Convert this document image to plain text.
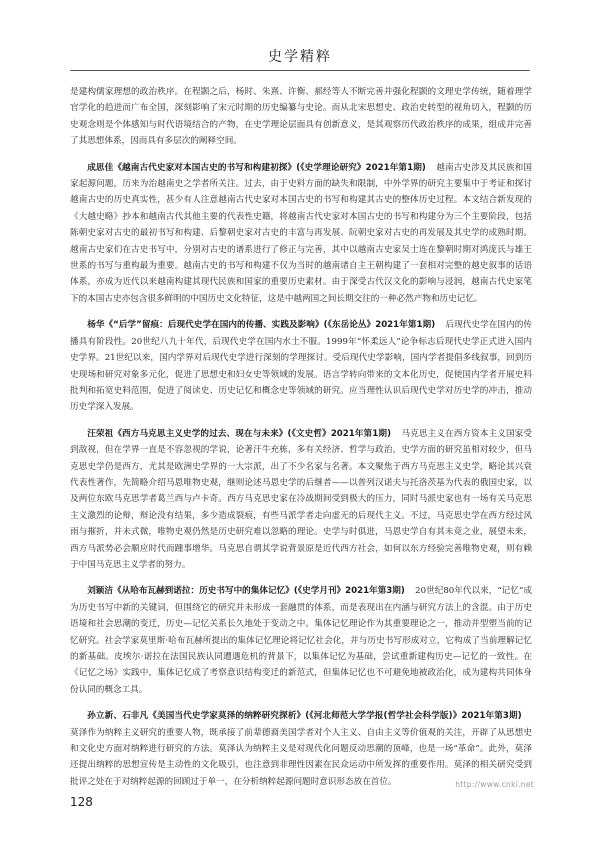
史学精粹

是建构儒家理想的政治秩序。在程颢之后，杨时、朱熹、许衡、郝经等人不断完善并强化程颢的文理史学传统，随着理学官学化的趋进而广布全国，深刻影响了宋元时期的历史编纂与史论。而从北宋思想史、政治史转型的视角切入，程颢的历史观念则是个体感知与时代语境结合的产物，在史学理论层面具有创新意义，是其观察历代政治秩序的成果，组成并完善了其思想体系，因而具有多层次的阐释空间。

成思佳《越南古代史家对本国古史的书写和构建初探》(《史学理论研究》2021年第1期) 越南古史涉及其民族和国家起源问题，历来为治越南史之学者所关注。过去，由于史料方面的缺失和限制，中外学界的研究主要集中于考证和探讨越南古史的历史真实性，甚少有人注意越南古代史家对本国古史的书写和构建其古史的整体历史过程。本文结合新发现的《大越史略》抄本和越南古代其他主要的代表性史籍，将越南古代史家对本国古史的书写和构建分为三个主要阶段，包括陈朝史家对古史的最初书写和构建、后黎朝史家对古史的丰富与再发展、阮朝史家对古史的再发展及其史学的成熟时期。越南古史家们在古史书写中，分别对古史的谱系进行了修正与完善，其中以越南古史家吴士连在黎朝时期对鸿庞氏与雄王世系的书写与重构最为重要。越南古史的书写和构建不仅为当时的越南诸自主王朝构建了一套相对完整的越史叙事的话语体系，亦成为近代以来越南构建其现代民族和国家的重要历史素材。由于深受古代汉文化的影响与浸润，越南古代史家笔下的本国古史亦包含很多鲜明的中国历史文化特征，这是中越两国之间长期交往的一种必然产物和历史记忆。

杨华《“后学”留痕：后现代史学在国内的传播、实践及影响》(《东岳论丛》2021年第1期) 后现代史学在国内的传播具有阶段性。20世纪八九十年代，后现代史学在国内水土不服。1999年“怀柔远人”论争标志后现代史学正式进入国内史学界。21世纪以来，国内学界对后现代史学进行深刻的学理探讨。受后现代史学影响，国内学者提倡多线叙事，回到历史现场和研究对象多元化，促进了思想史和妇女史等领域的发展。语言学转向带来的文本化历史，促使国内学者开展史料批判和拓宽史料范围，促进了阅读史、历史记忆和概念史等领域的研究。应当理性认识后现代史学对历史学的冲击，推动历史学深入发展。

汪荣祖《西方马克思主义史学的过去、现在与未来》(《文史哲》2021年第1期) 马克思主义在西方资本主义国家受到敌视，但在学界一直是不容忽视的学说，论著汗牛充栋，多有关经济、哲学与政治，史学方面的研究虽相对较少，但马克思史学仍是西方，尤其是欧洲史学界的一大宗派，出了不少名家与名著。本文聚焦于西方马克思主义史学，略论其兴衰代表性著作，先简略介绍马恩唯物史观，继则论述马恩史学的后继者——以普列汉诺夫与托洛茨基为代表的俄国史家，以及两位东欧马克思学者葛兰西与卢卡奇。西方马克思史家在冷战期间受到极大的压力，同时马派史家也有一场有关马克思主义激烈的论辩，辩论没有结果，多少造成裂痕，有些马派学者走向虚无的后现代主义。不过，马克思史学在西方经过风雨与摧折，并未式微，唯物史观仍然是历史研究难以忽略的理论。史学与时俱进，马恩史学自有其未竟之业，展望未来，西方马派势必会顺应时代而踵事增华。马克思自谓其学说背景原是近代西方社会，如何以东方经验完善唯物史观，则有赖于中国马克思主义学者的努力。

刘颖洁《从哈布瓦赫到诺拉：历史书写中的集体记忆》(《史学月刊》2021年第3期) 20世纪80年代以来，“记忆”成为历史书写中新的关键词，但围绕它的研究并未形成一套融贯的体系，而是表现出在内涵与研究方法上的含混。由于历史语境和社会思潮的变迁，历史—记忆关系长久地处于变动之中。集体记忆理论作为其重要理论之一，推动并型塑当前的记忆研究。社会学家莫里斯·哈布瓦赫所提出的集体记忆理论将记忆社会化，并与历史书写形成对立，它构成了当前理解记忆的新基础。皮埃尔·诺拉在法国民族认同遭遇危机的背景下，以集体记忆为基础，尝试重新建构历史—记忆的一致性。在《记忆之场》实践中，集体记忆成了考察意识结构变迁的新范式，但集体记忆也不可避免地被政治化，成为建构共同体身份认同的概念工具。

孙立新、石非凡《美国当代史学家莫泽的纳粹研究探析》(《河北师范大学学报(哲学社会科学版)》2021年第3期)莫泽作为纳粹主义研究的重要人物，既承接了前辈德裔美国学者对个人主义、自由主义等价值观的关注，开辟了从思想史和文化史方面对纳粹进行研究的方法。莫泽认为纳粹主义是对现代化问题反动思潮的顶峰，也是一场“革命”。此外，莫泽还提出纳粹的思想宣传是主动性的文化吸引，也注意到非理性因素在民众运动中所发挥的重要作用。莫泽的相关研究受到批评之处在于对纳粹起源的回顾过于单一，在分析纳粹起源问题时意识形态放在首位。	http://www.cnki.net
128
